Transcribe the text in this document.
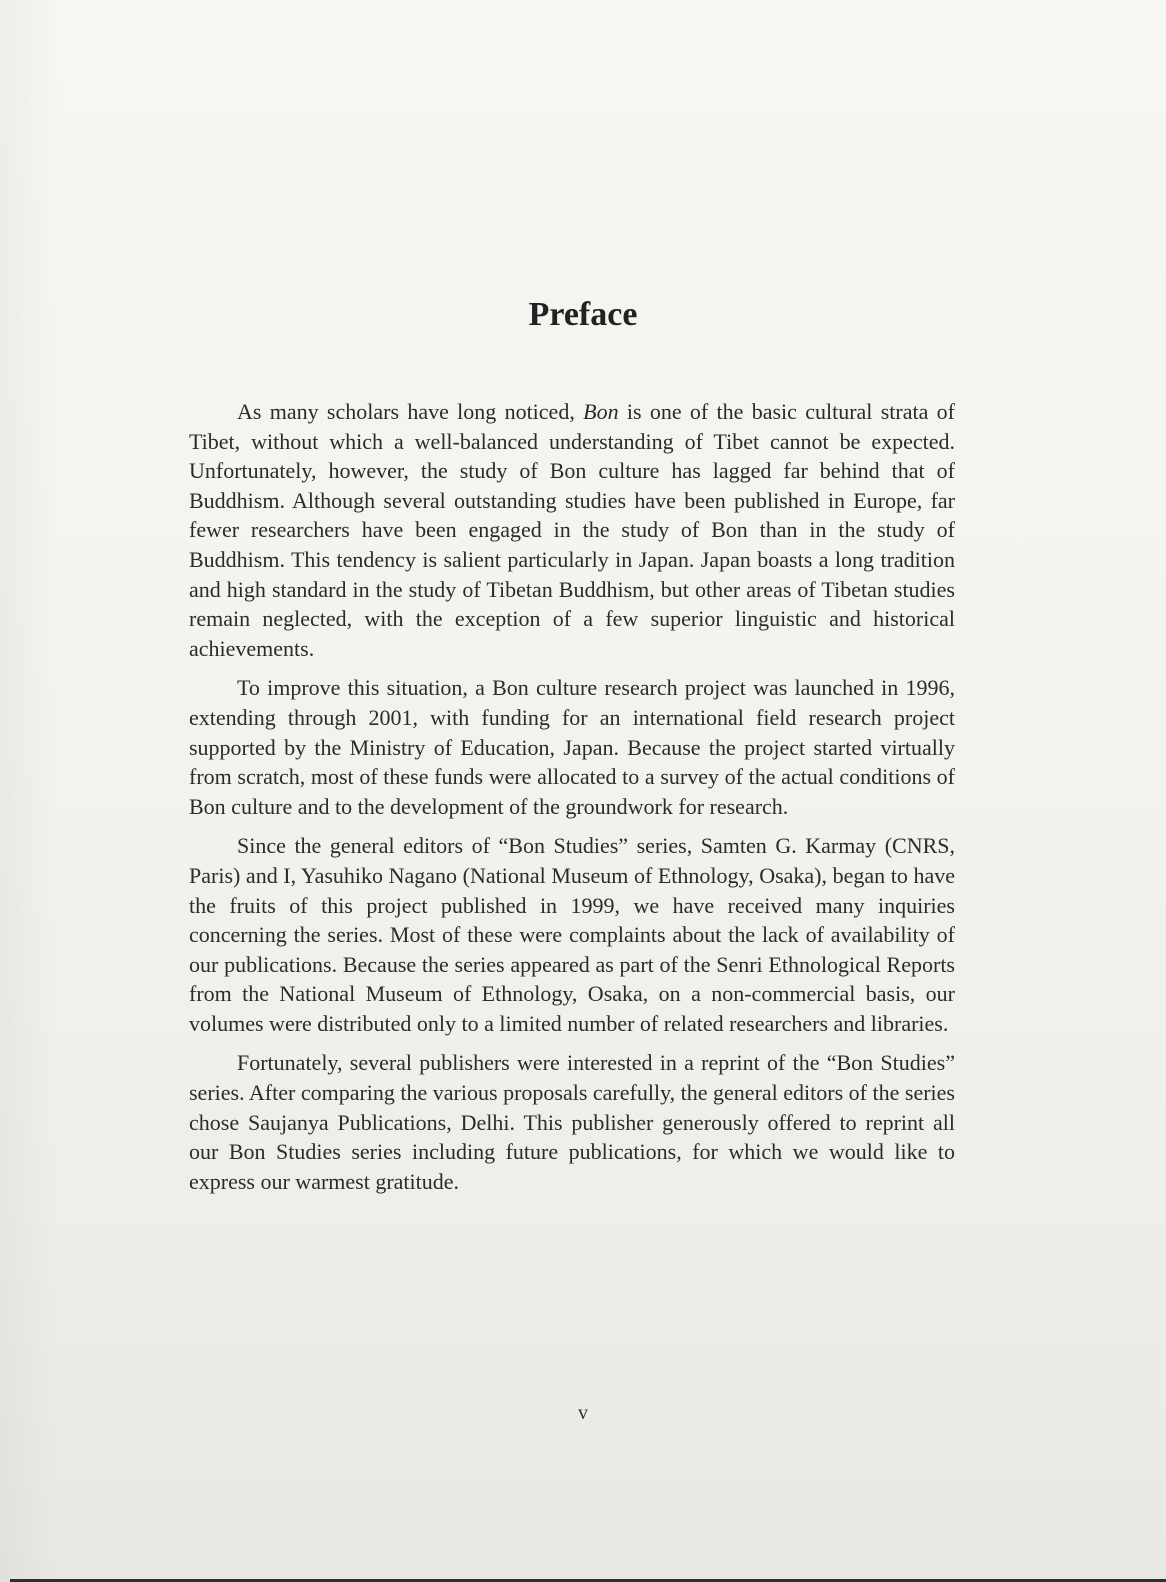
Preface

As many scholars have long noticed, Bon is one of the basic cultural strata of Tibet, without which a well-balanced understanding of Tibet cannot be expected. Unfortunately, however, the study of Bon culture has lagged far behind that of Buddhism. Although several outstanding studies have been published in Europe, far fewer researchers have been engaged in the study of Bon than in the study of Buddhism. This tendency is salient particularly in Japan. Japan boasts a long tradition and high standard in the study of Tibetan Buddhism, but other areas of Tibetan studies remain neglected, with the exception of a few superior linguistic and historical achievements.

To improve this situation, a Bon culture research project was launched in 1996, extending through 2001, with funding for an international field research project supported by the Ministry of Education, Japan. Because the project started virtually from scratch, most of these funds were allocated to a survey of the actual conditions of Bon culture and to the development of the groundwork for research.

Since the general editors of “Bon Studies” series, Samten G. Karmay (CNRS, Paris) and I, Yasuhiko Nagano (National Museum of Ethnology, Osaka), began to have the fruits of this project published in 1999, we have received many inquiries concerning the series. Most of these were complaints about the lack of availability of our publications. Because the series appeared as part of the Senri Ethnological Reports from the National Museum of Ethnology, Osaka, on a non-commercial basis, our volumes were distributed only to a limited number of related researchers and libraries.

Fortunately, several publishers were interested in a reprint of the “Bon Studies” series. After comparing the various proposals carefully, the general editors of the series chose Saujanya Publications, Delhi. This publisher generously offered to reprint all our Bon Studies series including future publications, for which we would like to express our warmest gratitude.

v
